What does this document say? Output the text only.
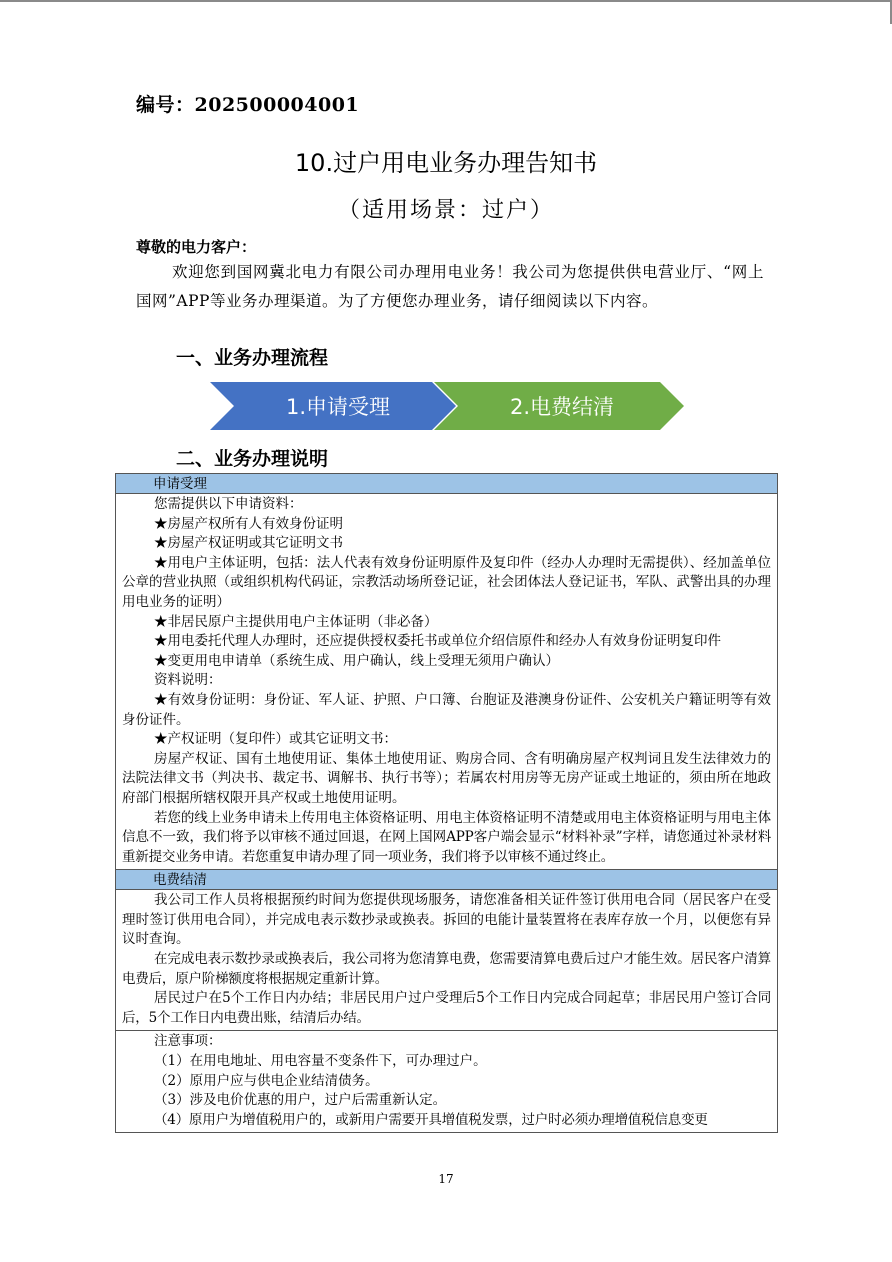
编号：202500004001
10.过户用电业务办理告知书
（适用场景：过户）
尊敬的电力客户：
欢迎您到国网冀北电力有限公司办理用电业务！我公司为您提供供电营业厅、“网上国网”APP等业务办理渠道。为了方便您办理业务，请仔细阅读以下内容。
一、业务办理流程
1.申请受理	2.电费结清
二、业务办理说明
申请受理

您需提供以下申请资料：

★房屋产权所有人有效身份证明

★房屋产权证明或其它证明文书

★用电户主体证明，包括：法人代表有效身份证明原件及复印件（经办人办理时无需提供）、经加盖单位公章的营业执照（或组织机构代码证，宗教活动场所登记证，社会团体法人登记证书，军队、武警出具的办理用电业务的证明）

★非居民原户主提供用电户主体证明（非必备）

★用电委托代理人办理时，还应提供授权委托书或单位介绍信原件和经办人有效身份证明复印件

★变更用电申请单（系统生成、用户确认，线上受理无须用户确认）

资料说明：

★有效身份证明：身份证、军人证、护照、户口簿、台胞证及港澳身份证件、公安机关户籍证明等有效身份证件。

★产权证明（复印件）或其它证明文书：

房屋产权证、国有土地使用证、集体土地使用证、购房合同、含有明确房屋产权判词且发生法律效力的法院法律文书（判决书、裁定书、调解书、执行书等）；若属农村用房等无房产证或土地证的，须由所在地政府部门根据所辖权限开具产权或土地使用证明。

若您的线上业务申请未上传用电主体资格证明、用电主体资格证明不清楚或用电主体资格证明与用电主体信息不一致，我们将予以审核不通过回退，在网上国网APP客户端会显示“材料补录”字样，请您通过补录材料重新提交业务申请。若您重复申请办理了同一项业务，我们将予以审核不通过终止。

电费结清

我公司工作人员将根据预约时间为您提供现场服务，请您准备相关证件签订供用电合同（居民客户在受理时签订供用电合同），并完成电表示数抄录或换表。拆回的电能计量装置将在表库存放一个月，以便您有异议时查询。

在完成电表示数抄录或换表后，我公司将为您清算电费，您需要清算电费后过户才能生效。居民客户清算电费后，原户阶梯额度将根据规定重新计算。

居民过户在5个工作日内办结；非居民用户过户受理后5个工作日内完成合同起草；非居民用户签订合同后，5个工作日内电费出账，结清后办结。

注意事项：

（1）在用电地址、用电容量不变条件下，可办理过户。

（2）原用户应与供电企业结清债务。

（3）涉及电价优惠的用户，过户后需重新认定。

（4）原用户为增值税用户的，或新用户需要开具增值税发票，过户时必须办理增值税信息变更

17
